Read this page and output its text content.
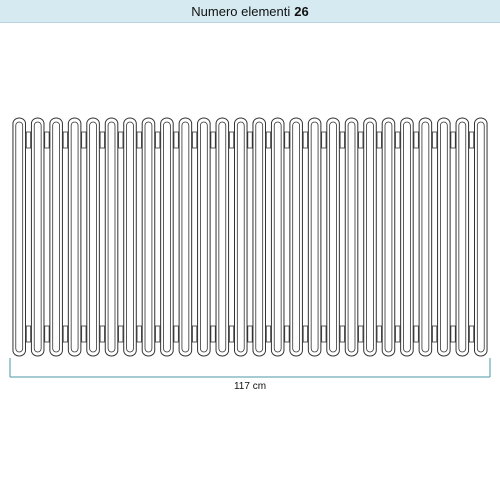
Numero elementi 26
117 cm
